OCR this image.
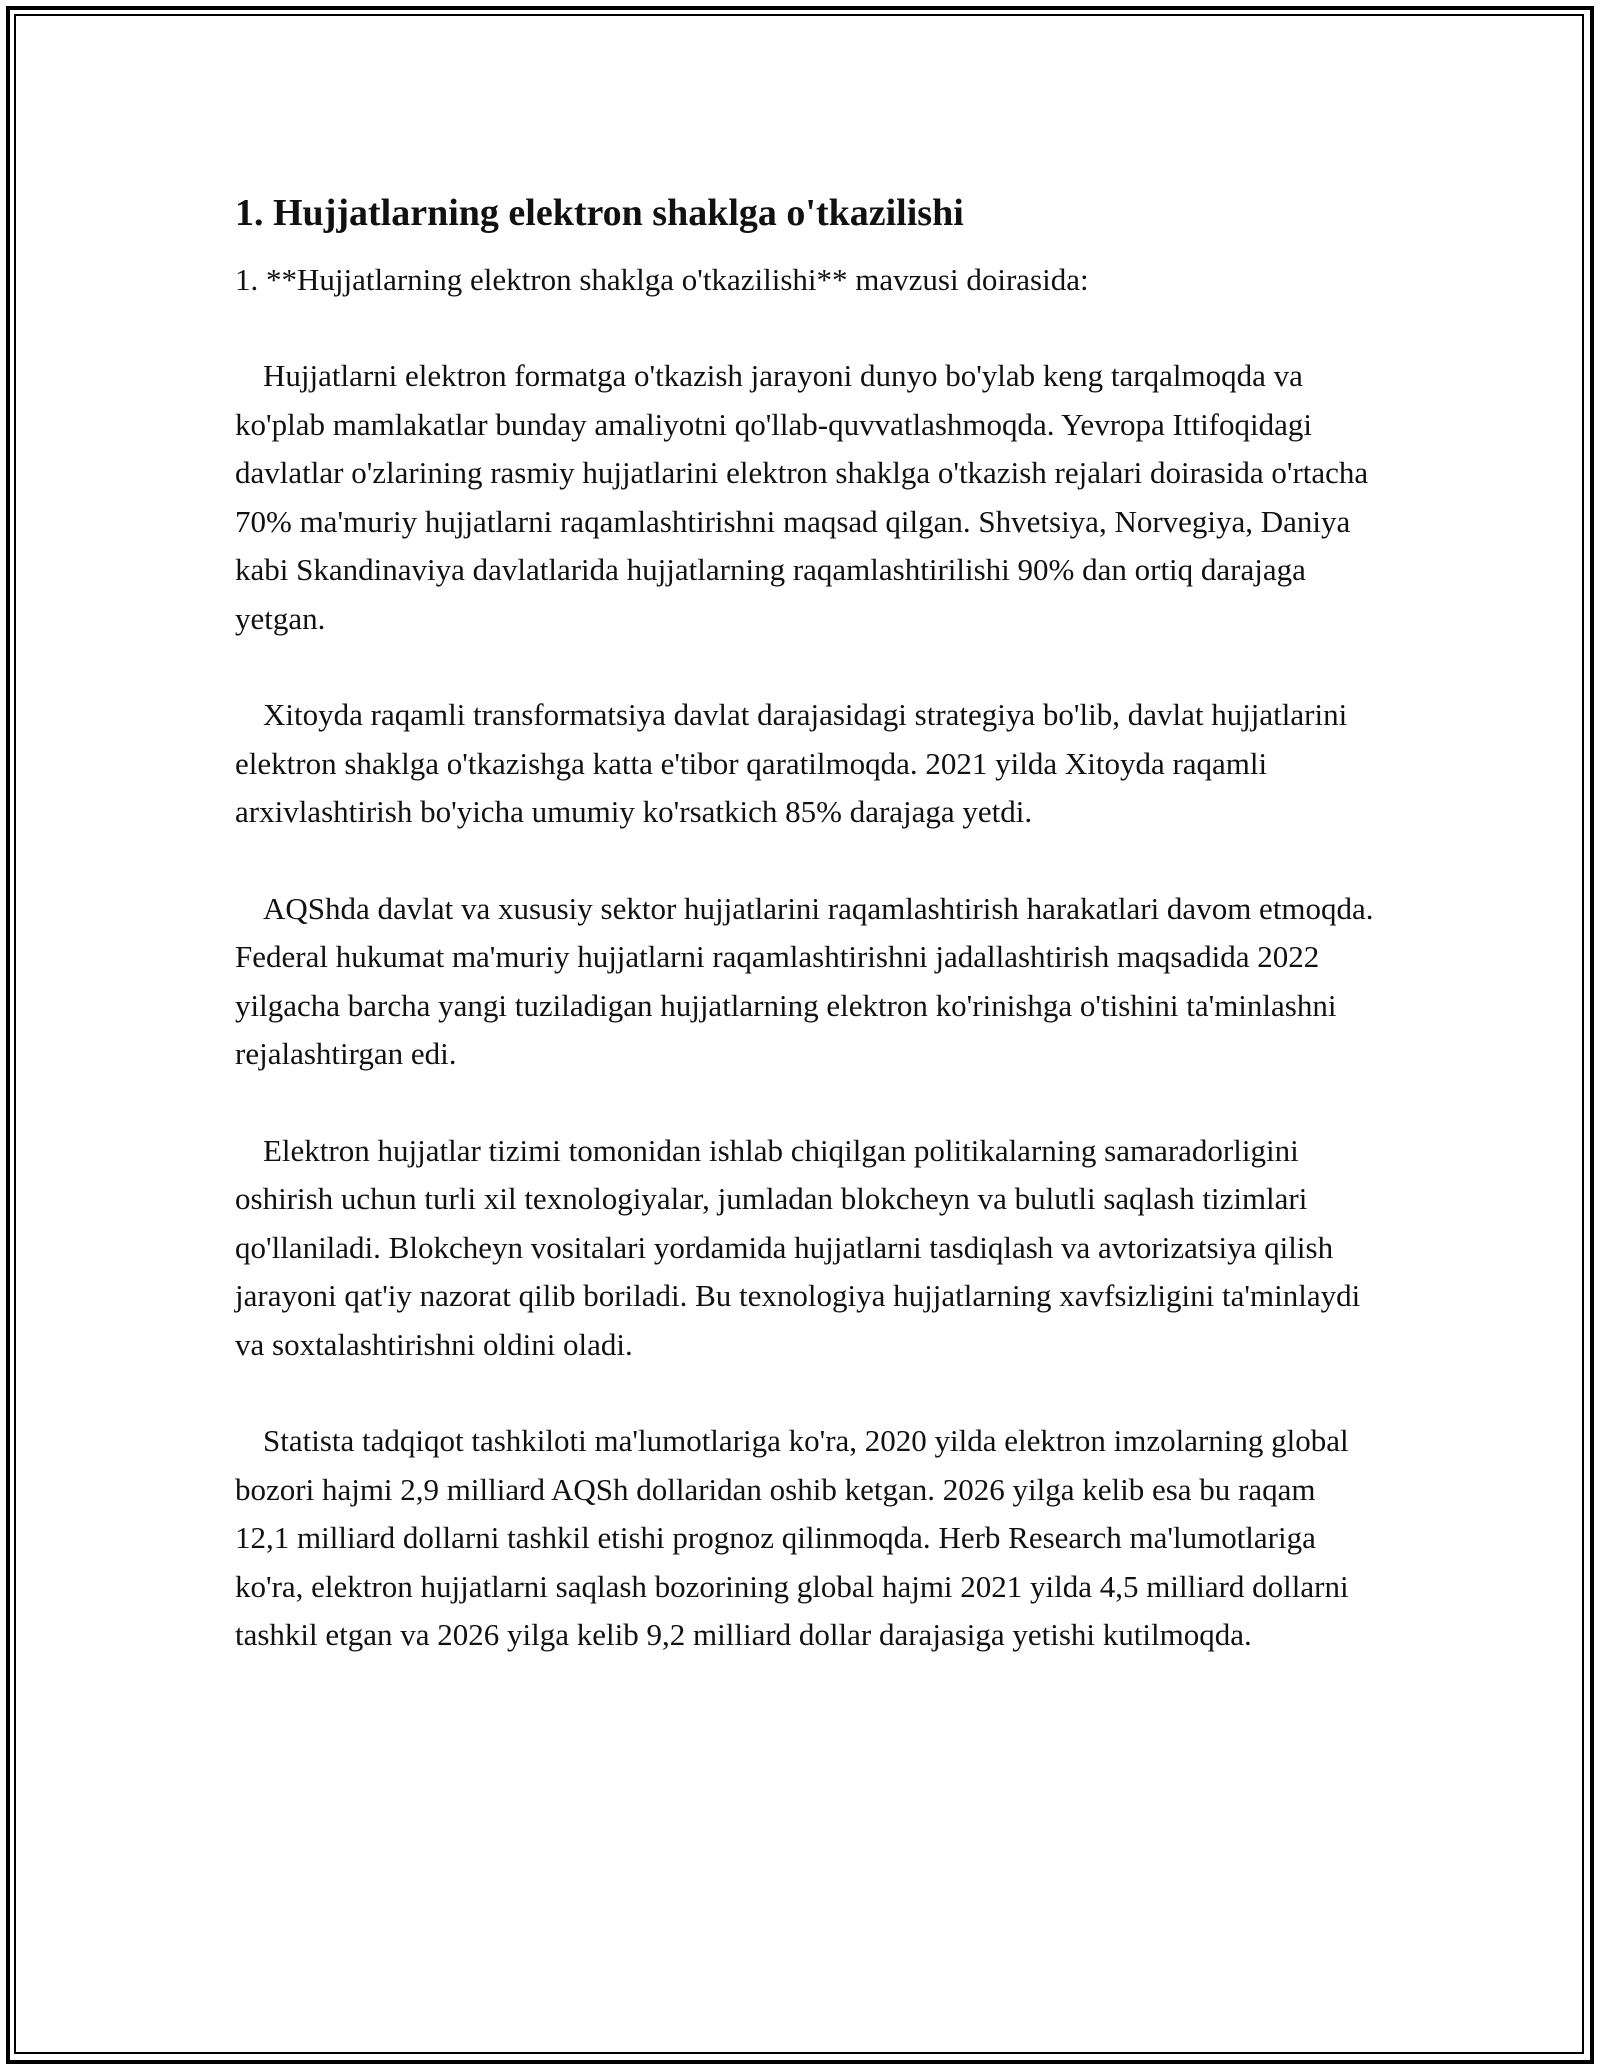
1. Hujjatlarning elektron shaklga o'tkazilishi

1. **Hujjatlarning elektron shaklga o'tkazilishi** mavzusi doirasida:

Hujjatlarni elektron formatga o'tkazish jarayoni dunyo bo'ylab keng tarqalmoqda va ko'plab mamlakatlar bunday amaliyotni qo'llab-quvvatlashmoqda. Yevropa Ittifoqidagi davlatlar o'zlarining rasmiy hujjatlarini elektron shaklga o'tkazish rejalari doirasida o'rtacha 70% ma'muriy hujjatlarni raqamlashtirishni maqsad qilgan. Shvetsiya, Norvegiya, Daniya kabi Skandinaviya davlatlarida hujjatlarning raqamlashtirilishi 90% dan ortiq darajaga yetgan.

Xitoyda raqamli transformatsiya davlat darajasidagi strategiya bo'lib, davlat hujjatlarini elektron shaklga o'tkazishga katta e'tibor qaratilmoqda. 2021 yilda Xitoyda raqamli arxivlashtirish bo'yicha umumiy ko'rsatkich 85% darajaga yetdi.

AQShda davlat va xususiy sektor hujjatlarini raqamlashtirish harakatlari davom etmoqda. Federal hukumat ma'muriy hujjatlarni raqamlashtirishni jadallashtirish maqsadida 2022 yilgacha barcha yangi tuziladigan hujjatlarning elektron ko'rinishga o'tishini ta'minlashni rejalashtirgan edi.

Elektron hujjatlar tizimi tomonidan ishlab chiqilgan politikalarning samaradorligini oshirish uchun turli xil texnologiyalar, jumladan blokcheyn va bulutli saqlash tizimlari qo'llaniladi. Blokcheyn vositalari yordamida hujjatlarni tasdiqlash va avtorizatsiya qilish jarayoni qat'iy nazorat qilib boriladi. Bu texnologiya hujjatlarning xavfsizligini ta'minlaydi va soxtalashtirishni oldini oladi.

Statista tadqiqot tashkiloti ma'lumotlariga ko'ra, 2020 yilda elektron imzolarning global bozori hajmi 2,9 milliard AQSh dollaridan oshib ketgan. 2026 yilga kelib esa bu raqam 12,1 milliard dollarni tashkil etishi prognoz qilinmoqda. Herb Research ma'lumotlariga ko'ra, elektron hujjatlarni saqlash bozorining global hajmi 2021 yilda 4,5 milliard dollarni tashkil etgan va 2026 yilga kelib 9,2 milliard dollar darajasiga yetishi kutilmoqda.
